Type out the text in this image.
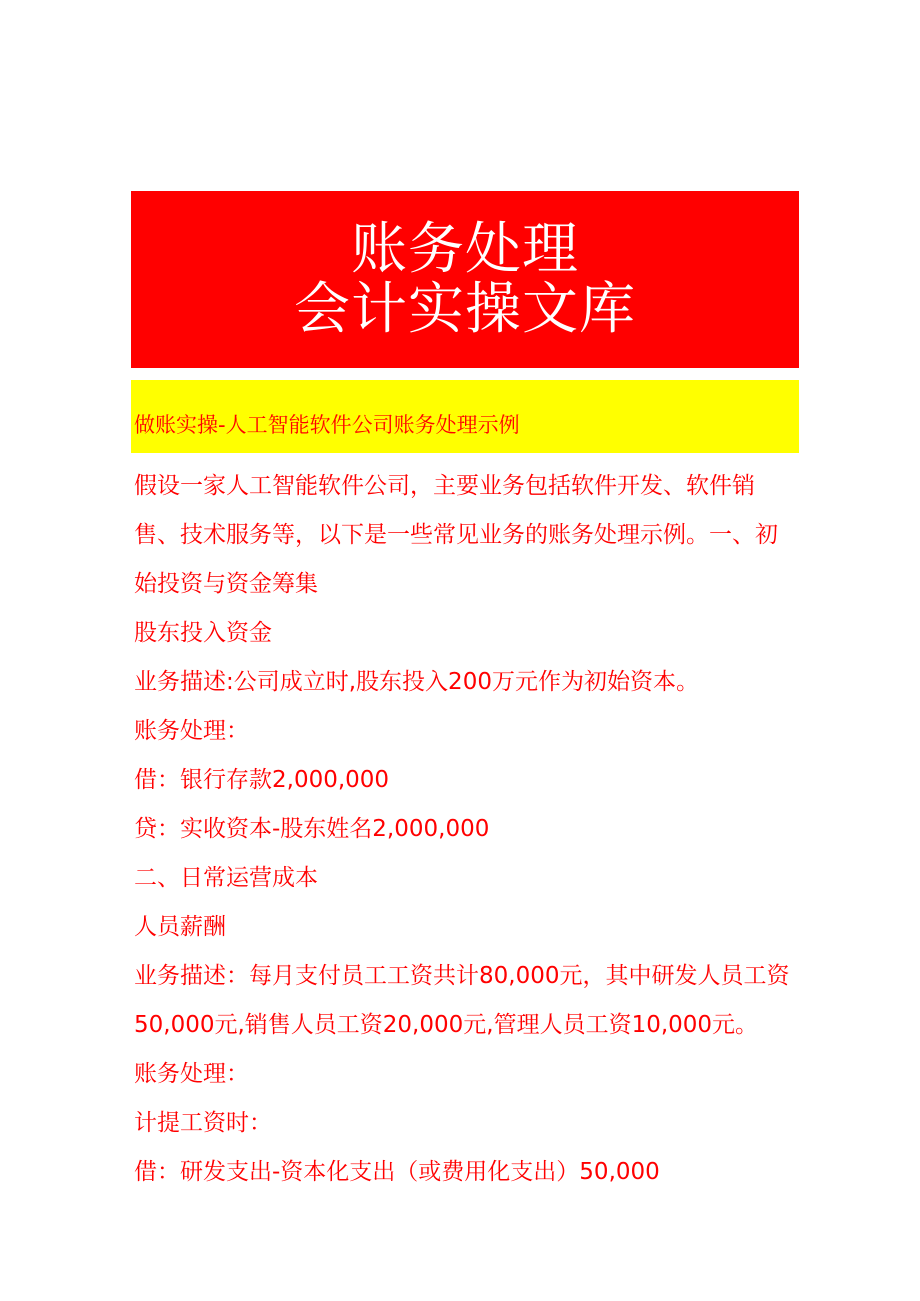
账务处理
会计实操文库
做账实操-人工智能软件公司账务处理示例

假设一家人工智能软件公司，主要业务包括软件开发、软件销

售、技术服务等，以下是一些常见业务的账务处理示例。一、初

始投资与资金筹集

股东投入资金

业务描述:公司成立时,股东投入200万元作为初始资本。

账务处理：

借：银行存款2,000,000

贷：实收资本-股东姓名2,000,000

二、日常运营成本

人员薪酬

业务描述：每月支付员工工资共计80,000元，其中研发人员工资

50,000元,销售人员工资20,000元,管理人员工资10,000元。

账务处理：

计提工资时：

借：研发支出-资本化支出（或费用化支出）50,000
